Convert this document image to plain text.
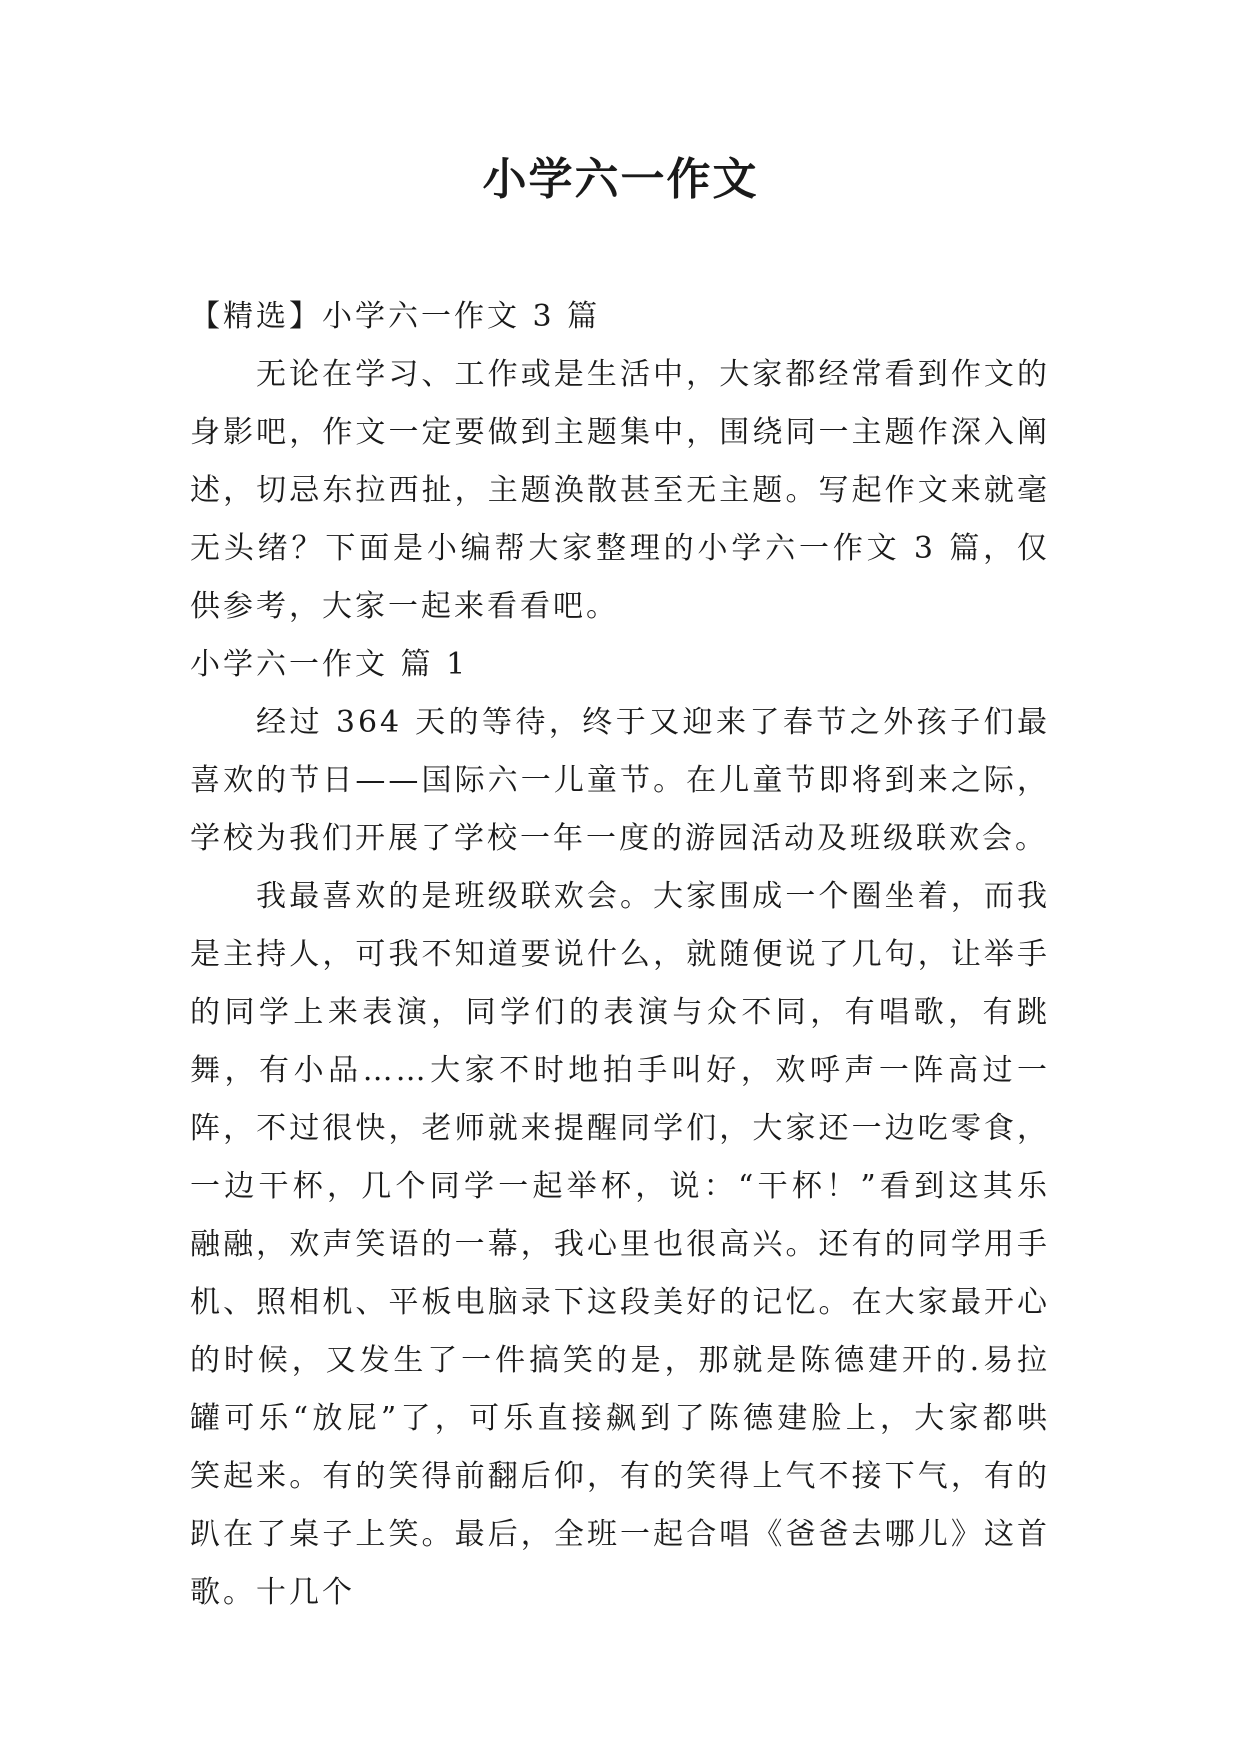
小学六一作文

【精选】小学六一作文 3 篇

无论在学习、工作或是生活中，大家都经常看到作文的身影吧，作文一定要做到主题集中，围绕同一主题作深入阐述，切忌东拉西扯，主题涣散甚至无主题。写起作文来就毫无头绪？下面是小编帮大家整理的小学六一作文 3 篇，仅供参考，大家一起来看看吧。

小学六一作文 篇 1

经过 364 天的等待，终于又迎来了春节之外孩子们最喜欢的节日——国际六一儿童节。在儿童节即将到来之际，学校为我们开展了学校一年一度的游园活动及班级联欢会。

我最喜欢的是班级联欢会。大家围成一个圈坐着，而我是主持人，可我不知道要说什么，就随便说了几句，让举手的同学上来表演，同学们的表演与众不同，有唱歌，有跳舞，有小品……大家不时地拍手叫好，欢呼声一阵高过一阵，不过很快，老师就来提醒同学们，大家还一边吃零食，一边干杯，几个同学一起举杯，说：“干杯！”看到这其乐融融，欢声笑语的一幕，我心里也很高兴。还有的同学用手机、照相机、平板电脑录下这段美好的记忆。在大家最开心的时候，又发生了一件搞笑的是，那就是陈德建开的.易拉罐可乐“放屁”了，可乐直接飙到了陈德建脸上，大家都哄笑起来。有的笑得前翻后仰，有的笑得上气不接下气，有的趴在了桌子上笑。最后，全班一起合唱《爸爸去哪儿》这首歌。十几个
